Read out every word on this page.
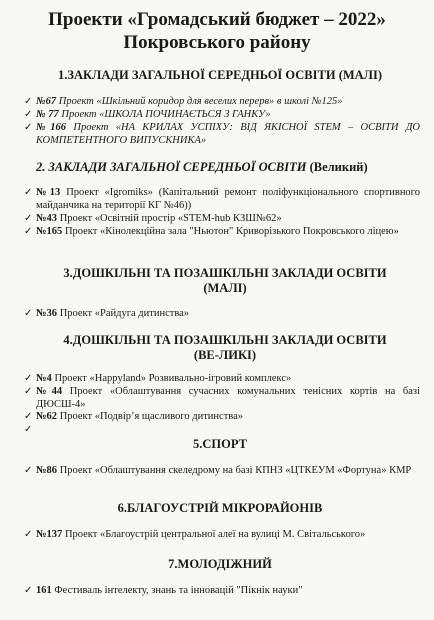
Проекти «Громадський бюджет – 2022» Покровського району
1.ЗАКЛАДИ ЗАГАЛЬНОЇ СЕРЕДНЬОЇ ОСВІТИ (МАЛІ)
✓ №67 Проект «Шкільний коридор для веселих перерв» в школі №125»
✓ № 77 Проект «ШКОЛА ПОЧИНАЄТЬСЯ З ГАНКУ»
✓ №166 Проект «НА КРИЛАХ УСПІХУ: ВІД ЯКІСНОЇ STEM – ОСВІТИ ДО КОМПЕТЕНТНОГО ВИПУСКНИКА»
2. ЗАКЛАДИ ЗАГАЛЬНОЇ СЕРЕДНЬОЇ ОСВІТИ (Великий)
✓ №13 Проект «Igromiks» (Капітальний ремонт поліфункціонального спортивного майданчика на території КГ №46))
✓ №43 Проект «Освітній простір «STEM-hub КЗШ№62»
✓ №165 Проект «Кінолекційна зала "Ньютон" Криворізького Покровського ліцею»
3.ДОШКІЛЬНІ ТА ПОЗАШКІЛЬНІ ЗАКЛАДИ ОСВІТИ (МАЛІ)
✓ №36 Проект «Райдуга дитинства»
4.ДОШКІЛЬНІ ТА ПОЗАШКІЛЬНІ ЗАКЛАДИ ОСВІТИ (ВЕ-ЛИКІ)
✓ №4 Проект «Happyland» Розвивально-ігровий комплекс»
✓ №44 Проект «Облаштування сучасних комунальних тенісних кортів на базі ДЮСШ-4»
✓ №62 Проект «Подвір’я щасливого дитинства»
✓
5.СПОРТ
✓ №86 Проект «Облаштування скеледрому на базі КПНЗ «ЦТКЕУМ «Фортуна» КМР
6.БЛАГОУСТРІЙ МІКРОРАЙОНІВ
✓ №137 Проект «Благоустрій центральної алеї на вулиці М. Світальського»
7.МОЛОДІЖНИЙ
✓ 161 Фестиваль інтелекту, знань та інновацій "Пікнік науки"
